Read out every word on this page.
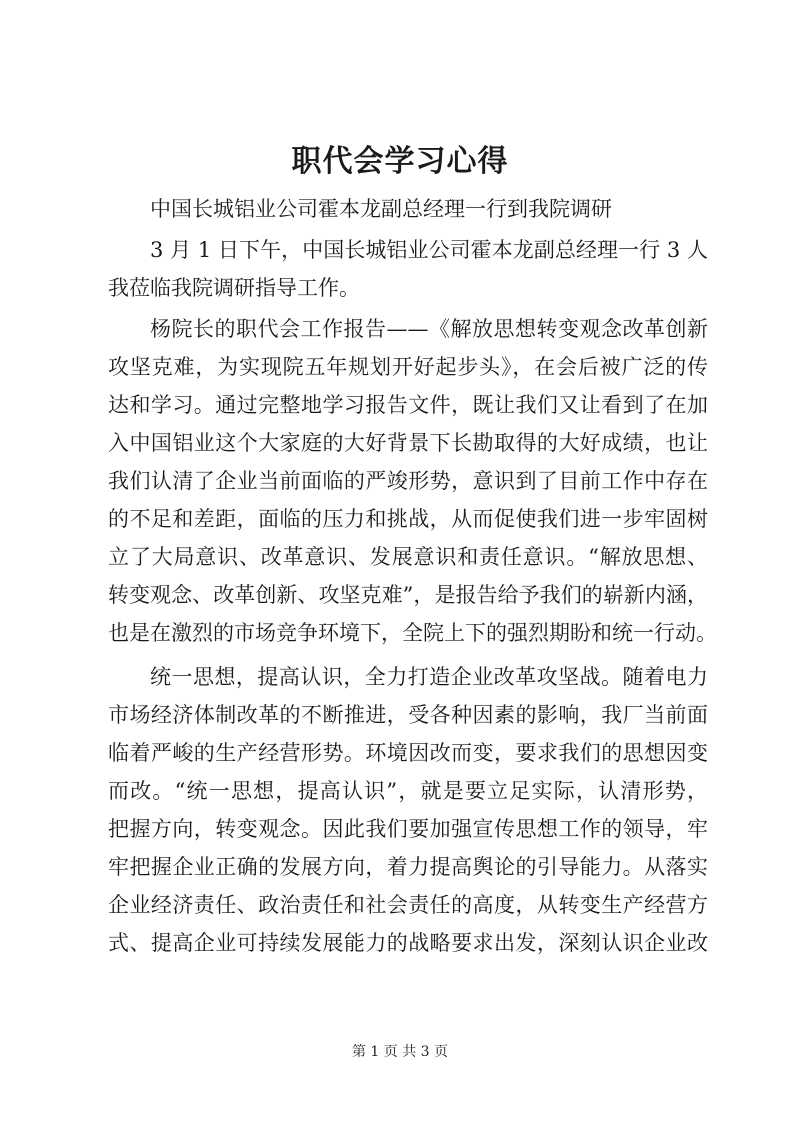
职代会学习心得

中国长城铝业公司霍本龙副总经理一行到我院调研

3 月 1 日下午，中国长城铝业公司霍本龙副总经理一行 3 人

我莅临我院调研指导工作。

杨院长的职代会工作报告——《解放思想转变观念改革创新

攻坚克难，为实现院五年规划开好起步头》，在会后被广泛的传

达和学习。通过完整地学习报告文件，既让我们又让看到了在加

入中国铝业这个大家庭的大好背景下长勘取得的大好成绩，也让

我们认清了企业当前面临的严竣形势，意识到了目前工作中存在

的不足和差距，面临的压力和挑战，从而促使我们进一步牢固树

立了大局意识、改革意识、发展意识和责任意识。“解放思想、

转变观念、改革创新、攻坚克难”，是报告给予我们的崭新内涵，

也是在激烈的市场竞争环境下，全院上下的强烈期盼和统一行动。

统一思想，提高认识，全力打造企业改革攻坚战。随着电力

市场经济体制改革的不断推进，受各种因素的影响，我厂当前面

临着严峻的生产经营形势。环境因改而变，要求我们的思想因变

而改。“统一思想，提高认识”，就是要立足实际，认清形势，

把握方向，转变观念。因此我们要加强宣传思想工作的领导，牢

牢把握企业正确的发展方向，着力提高舆论的引导能力。从落实

企业经济责任、政治责任和社会责任的高度，从转变生产经营方

式、提高企业可持续发展能力的战略要求出发，深刻认识企业改

第 1 页 共 3 页
